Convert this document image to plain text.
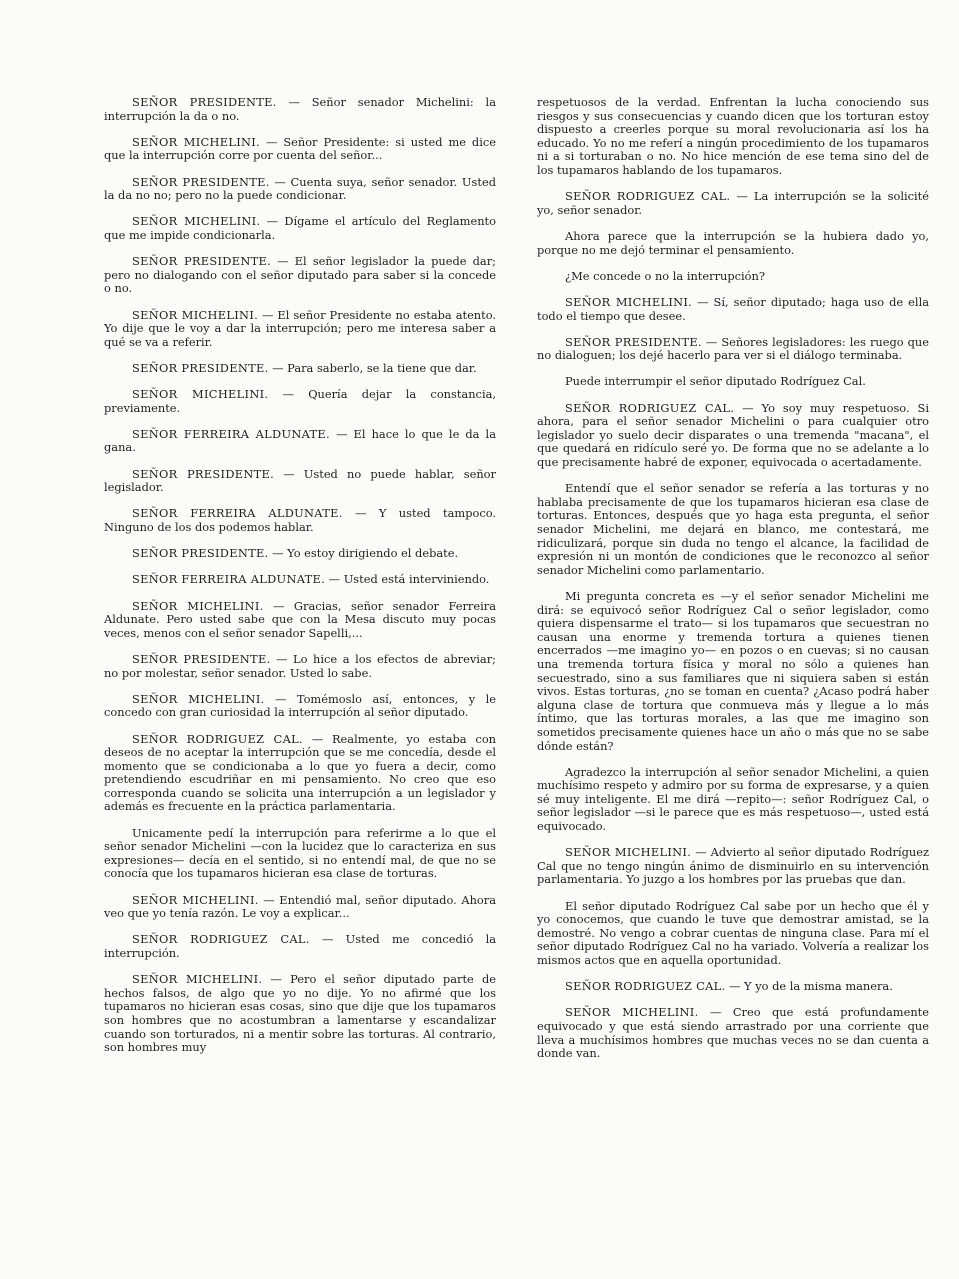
SEÑOR PRESIDENTE. — Señor senador Michelini: la interrupción la da o no.

SEÑOR MICHELINI. — Señor Presidente: si usted me dice que la interrupción corre por cuenta del señor...

SEÑOR PRESIDENTE. — Cuenta suya, señor senador. Usted la da no no; pero no la puede condicionar.

SEÑOR MICHELINI. — Dígame el artículo del Reglamento que me impide condicionarla.

SEÑOR PRESIDENTE. — El señor legislador la puede dar; pero no dialogando con el señor diputado para saber si la concede o no.

SEÑOR MICHELINI. — El señor Presidente no estaba atento. Yo dije que le voy a dar la interrupción; pero me interesa saber a qué se va a referir.

SEÑOR PRESIDENTE. — Para saberlo, se la tiene que dar.

SEÑOR MICHELINI. — Quería dejar la constancia, previamente.

SEÑOR FERREIRA ALDUNATE. — El hace lo que le da la gana.

SEÑOR PRESIDENTE. — Usted no puede hablar, señor legislador.

SEÑOR FERREIRA ALDUNATE. — Y usted tampoco. Ninguno de los dos podemos hablar.

SEÑOR PRESIDENTE. — Yo estoy dirigiendo el debate.

SEÑOR FERREIRA ALDUNATE. — Usted está interviniendo.

SEÑOR MICHELINI. — Gracias, señor senador Ferreira Aldunate. Pero usted sabe que con la Mesa discuto muy pocas veces, menos con el señor senador Sapelli,...

SEÑOR PRESIDENTE. — Lo hice a los efectos de abreviar; no por molestar, señor senador. Usted lo sabe.

SEÑOR MICHELINI. — Tomémoslo así, entonces, y le concedo con gran curiosidad la interrupción al señor diputado.

SEÑOR RODRIGUEZ CAL. — Realmente, yo estaba con deseos de no aceptar la interrupción que se me concedía, desde el momento que se condicionaba a lo que yo fuera a decir, como pretendiendo escudriñar en mi pensamiento. No creo que eso corresponda cuando se solicita una interrupción a un legislador y además es frecuente en la práctica parlamentaria.

Unicamente pedí la interrupción para referirme a lo que el señor senador Michelini —con la lucidez que lo caracteriza en sus expresiones— decía en el sentido, si no entendí mal, de que no se conocía que los tupamaros hicieran esa clase de torturas.

SEÑOR MICHELINI. — Entendió mal, señor diputado. Ahora veo que yo tenía razón. Le voy a explicar...

SEÑOR RODRIGUEZ CAL. — Usted me concedió la interrupción.

SEÑOR MICHELINI. — Pero el señor diputado parte de hechos falsos, de algo que yo no dije. Yo no afirmé que los tupamaros no hicieran esas cosas, sino que dije que los tupamaros son hombres que no acostumbran a lamentarse y escandalizar cuando son torturados, ni a mentir sobre las torturas. Al contrario, son hombres muy

respetuosos de la verdad. Enfrentan la lucha conociendo sus riesgos y sus consecuencias y cuando dicen que los torturan estoy dispuesto a creerles porque su moral revolucionaria así los ha educado. Yo no me referí a ningún procedimiento de los tupamaros ni a si torturaban o no. No hice mención de ese tema sino del de los tupamaros hablando de los tupamaros.

SEÑOR RODRIGUEZ CAL. — La interrupción se la solicité yo, señor senador.

Ahora parece que la interrupción se la hubiera dado yo, porque no me dejó terminar el pensamiento.

¿Me concede o no la interrupción?

SEÑOR MICHELINI. — Sí, señor diputado; haga uso de ella todo el tiempo que desee.

SEÑOR PRESIDENTE. — Señores legisladores: les ruego que no dialoguen; los dejé hacerlo para ver si el diálogo terminaba.

Puede interrumpir el señor diputado Rodríguez Cal.

SEÑOR RODRIGUEZ CAL. — Yo soy muy respetuoso. Si ahora, para el señor senador Michelini o para cualquier otro legislador yo suelo decir disparates o una tremenda "macana", el que quedará en ridículo seré yo. De forma que no se adelante a lo que precisamente habré de exponer, equivocada o acertadamente.

Entendí que el señor senador se refería a las torturas y no hablaba precisamente de que los tupamaros hicieran esa clase de torturas. Entonces, después que yo haga esta pregunta, el señor senador Michelini, me dejará en blanco, me contestará, me ridiculizará, porque sin duda no tengo el alcance, la facilidad de expresión ni un montón de condiciones que le reconozco al señor senador Michelini como parlamentario.

Mi pregunta concreta es —y el señor senador Michelini me dirá: se equivocó señor Rodríguez Cal o señor legislador, como quiera dispensarme el trato— si los tupamaros que secuestran no causan una enorme y tremenda tortura a quienes tienen encerrados —me imagino yo— en pozos o en cuevas; si no causan una tremenda tortura física y moral no sólo a quienes han secuestrado, sino a sus familiares que ni siquiera saben si están vivos. Estas torturas, ¿no se toman en cuenta? ¿Acaso podrá haber alguna clase de tortura que conmueva más y llegue a lo más íntimo, que las torturas morales, a las que me imagino son sometidos precisamente quienes hace un año o más que no se sabe dónde están?

Agradezco la interrupción al señor senador Michelini, a quien muchísimo respeto y admiro por su forma de expresarse, y a quien sé muy inteligente. El me dirá —repito—: señor Rodríguez Cal, o señor legislador —si le parece que es más respetuoso—, usted está equivocado.

SEÑOR MICHELINI. — Advierto al señor diputado Rodríguez Cal que no tengo ningún ánimo de disminuirlo en su intervención parlamentaria. Yo juzgo a los hombres por las pruebas que dan.

El señor diputado Rodríguez Cal sabe por un hecho que él y yo conocemos, que cuando le tuve que demostrar amistad, se la demostré. No vengo a cobrar cuentas de ninguna clase. Para mí el señor diputado Rodríguez Cal no ha variado. Volvería a realizar los mismos actos que en aquella oportunidad.

SEÑOR RODRIGUEZ CAL. — Y yo de la misma manera.

SEÑOR MICHELINI. — Creo que está profundamente equivocado y que está siendo arrastrado por una corriente que lleva a muchísimos hombres que muchas veces no se dan cuenta a donde van.
